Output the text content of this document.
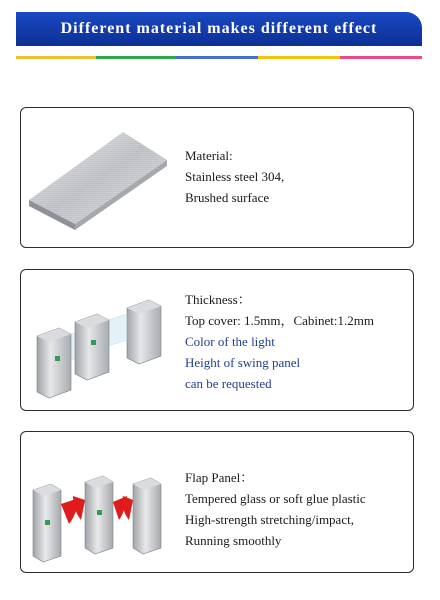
Different material makes different effect
Material:
Stainless steel 304,
Brushed surface
Thickness：
Top cover: 1.5mm，Cabinet:1.2mm
Color of the light
Height of swing panel
can be requested
Flap Panel：
Tempered glass or soft glue plastic
High-strength stretching/impact,
Running smoothly
